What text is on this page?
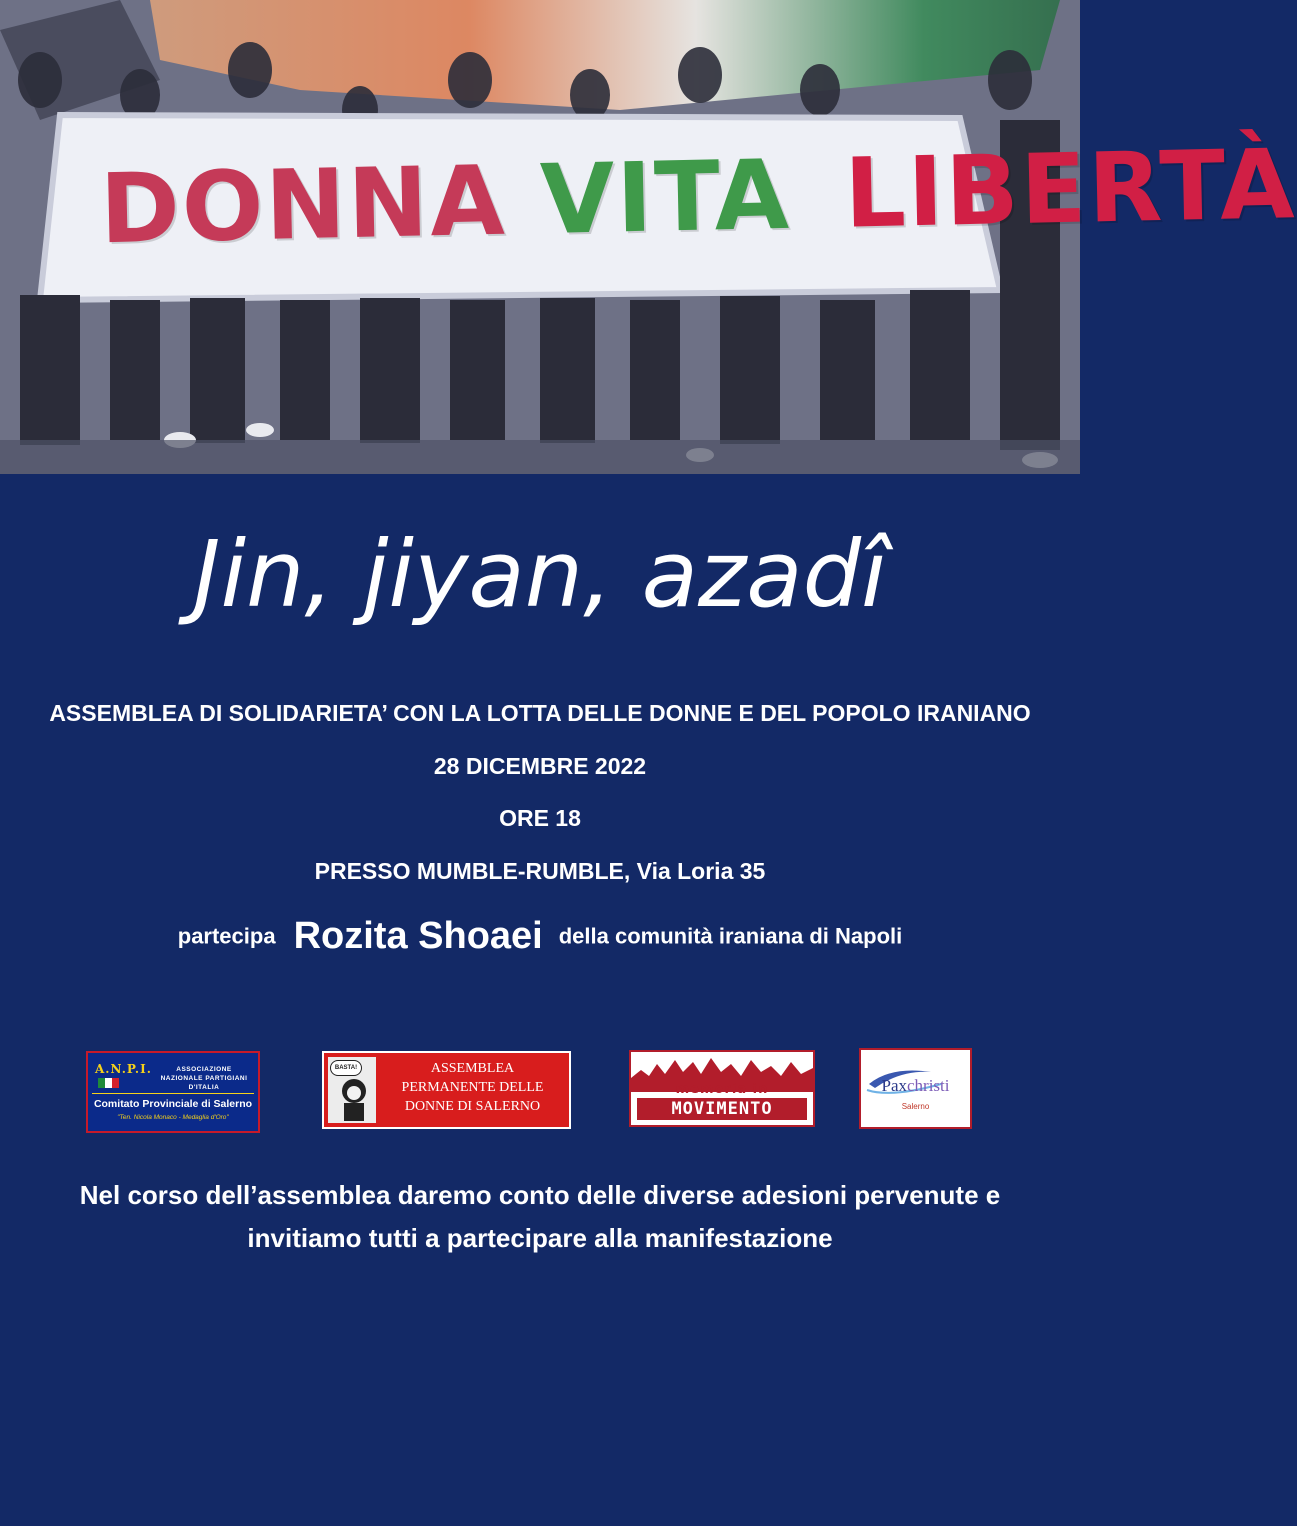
DONNA VITA LIBERTÀ
Jin, jiyan, azadî
ASSEMBLEA DI SOLIDARIETA’ CON LA LOTTA DELLE DONNE E DEL POPOLO IRANIANO
28 DICEMBRE 2022
ORE 18
PRESSO MUMBLE-RUMBLE, Via Loria 35
partecipa Rozita Shoaei della comunità iraniana di Napoli
A.N.P.I.	ASSOCIAZIONE NAZIONALE PARTIGIANI D'ITALIA
Comitato Provinciale di Salerno
"Ten. Nicola Monaco - Medaglia d'Oro"
BASTA!	ASSEMBLEA
PERMANENTE DELLE
DONNE DI SALERNO
memoria in
MOVIMENTO
Paxchristi
Salerno
Nel corso dell’assemblea daremo conto delle diverse adesioni pervenute e
invitiamo tutti a partecipare alla manifestazione
